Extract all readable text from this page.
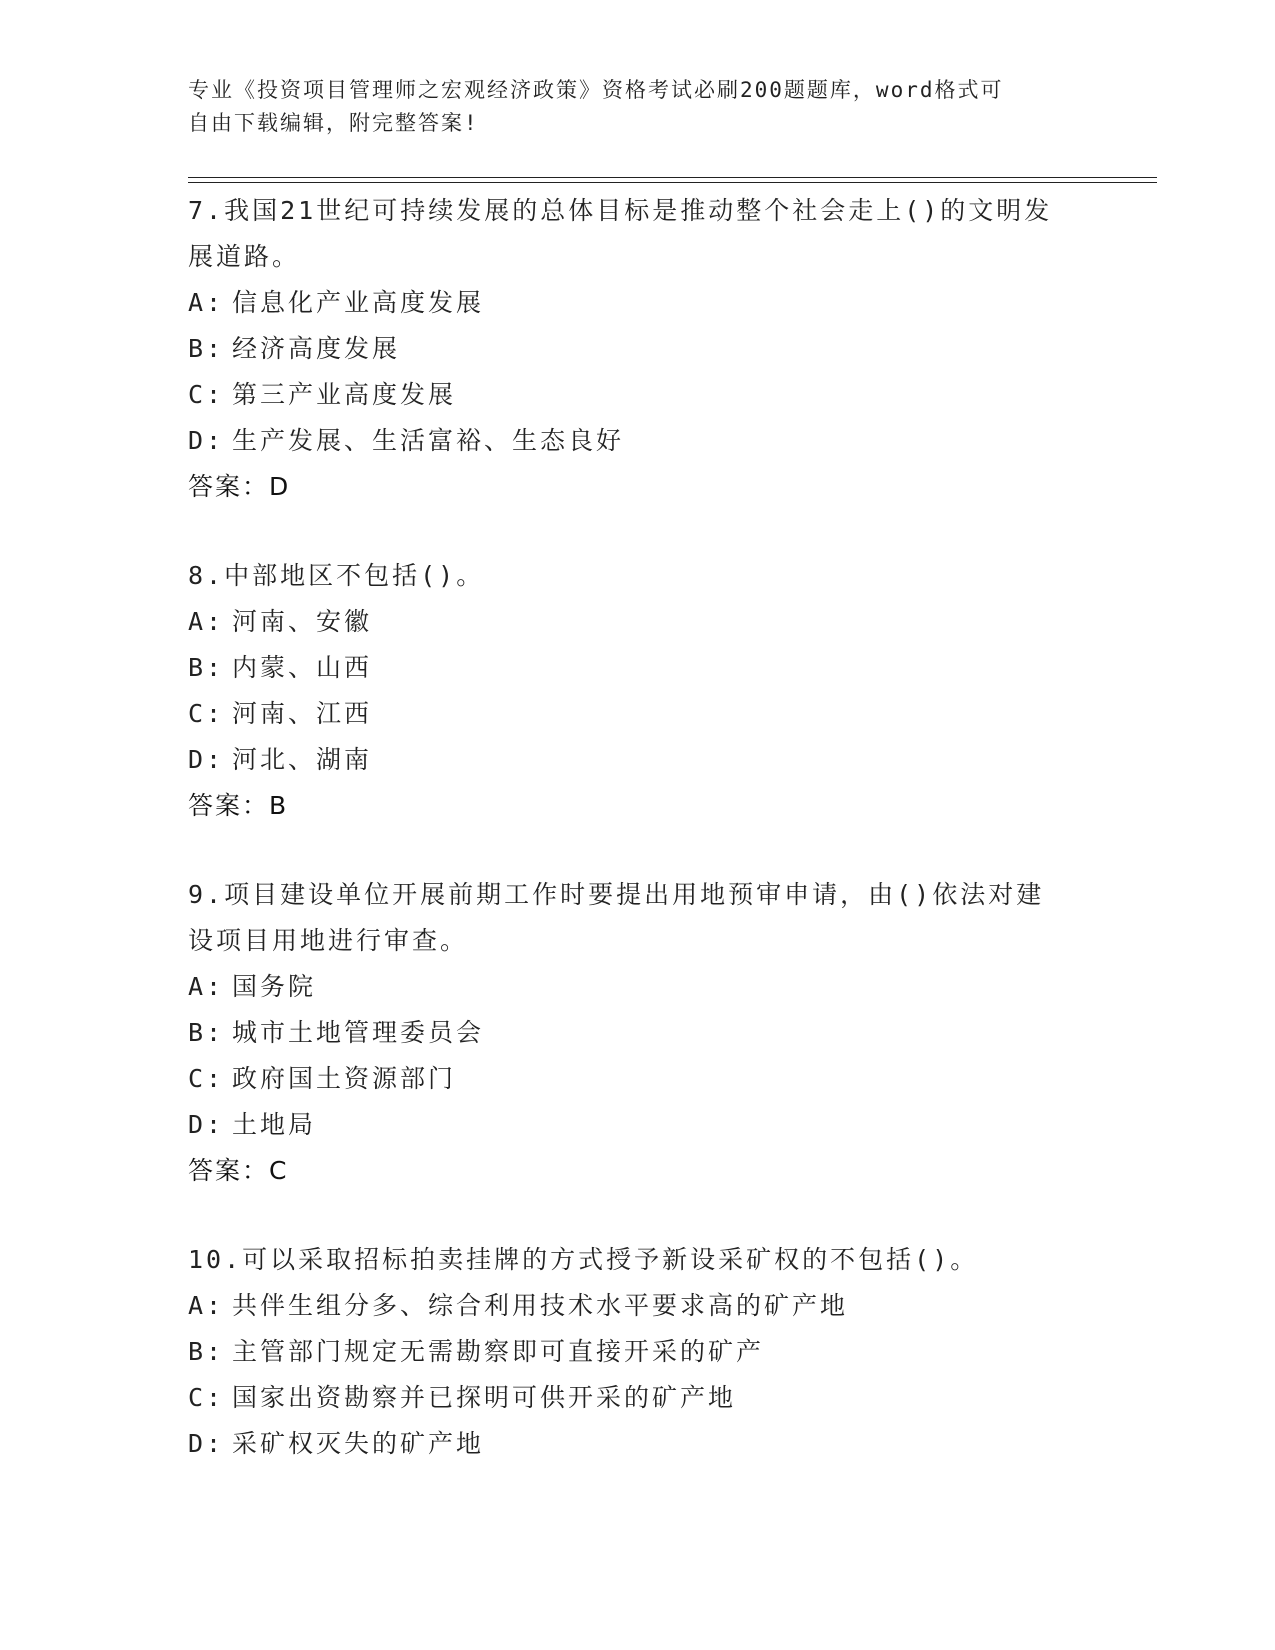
专业《投资项目管理师之宏观经济政策》资格考试必刷200题题库，word格式可
自由下载编辑，附完整答案!

7.我国21世纪可持续发展的总体目标是推动整个社会走上()的文明发

展道路。

A: 信息化产业高度发展

B: 经济高度发展

C: 第三产业高度发展

D: 生产发展、生活富裕、生态良好

答案：D

8.中部地区不包括()。

A: 河南、安徽

B: 内蒙、山西

C: 河南、江西

D: 河北、湖南

答案：B

9.项目建设单位开展前期工作时要提出用地预审申请，由()依法对建

设项目用地进行审查。

A: 国务院

B: 城市土地管理委员会

C: 政府国土资源部门

D: 土地局

答案：C

10.可以采取招标拍卖挂牌的方式授予新设采矿权的不包括()。

A: 共伴生组分多、综合利用技术水平要求高的矿产地

B: 主管部门规定无需勘察即可直接开采的矿产

C: 国家出资勘察并已探明可供开采的矿产地

D: 采矿权灭失的矿产地
